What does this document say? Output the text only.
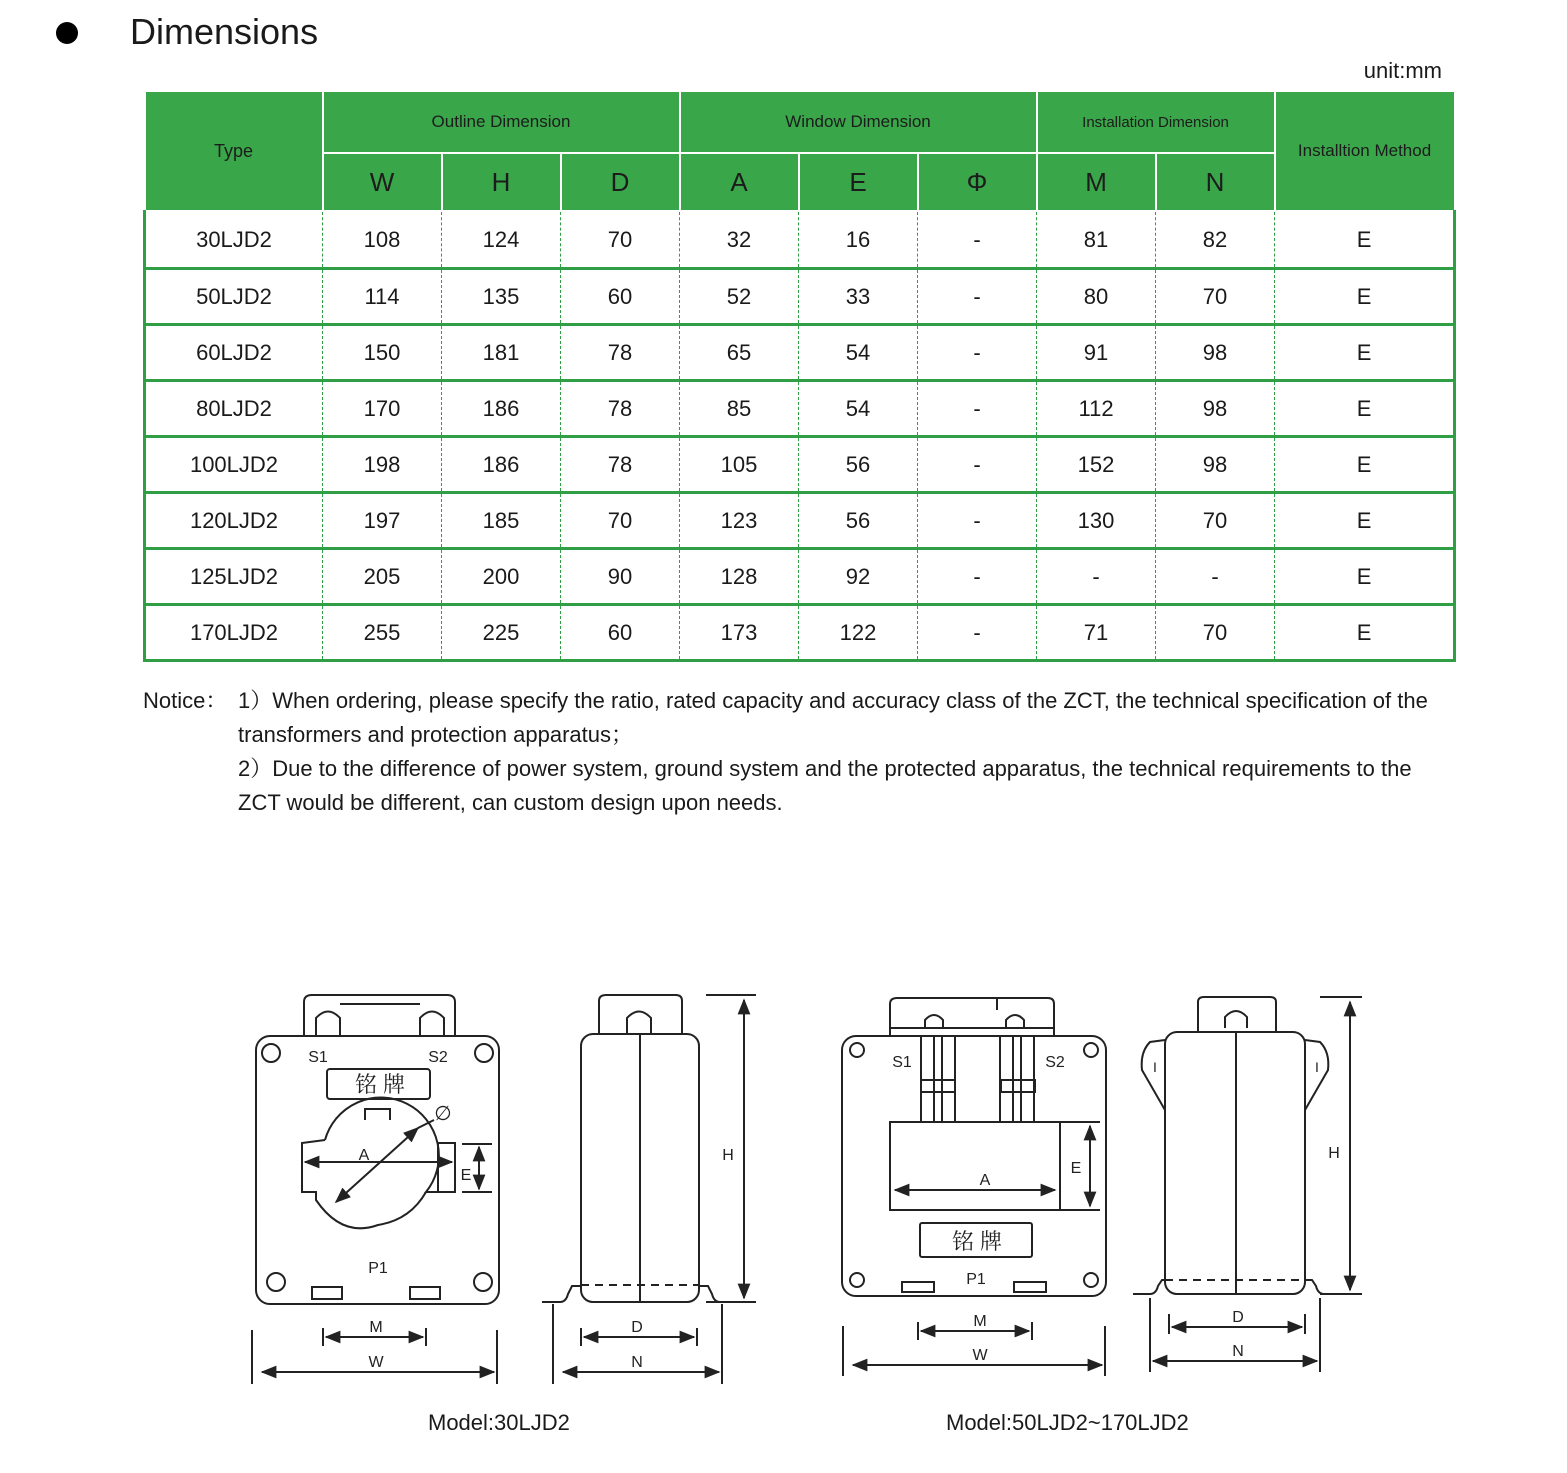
Dimensions
unit:mm
Type	Outline Dimension			Window Dimension			Installation Dimension		Installtion Method
	W	H	D	A	E	Φ	M	N	
30LJD2	108	124	70	32	16	-	81	82	E
50LJD2	114	135	60	52	33	-	80	70	E
60LJD2	150	181	78	65	54	-	91	98	E
80LJD2	170	186	78	85	54	-	112	98	E
100LJD2	198	186	78	105	56	-	152	98	E
120LJD2	197	185	70	123	56	-	130	70	E
125LJD2	205	200	90	128	92	-	-	-	E
170LJD2	255	225	60	173	122	-	71	70	E
Notice： 1）When ordering, please specify the ratio, rated capacity and accuracy class of the ZCT, the technical specification of the transformers and protection apparatus；

2）Due to the difference of power system, ground system and the protected apparatus, the technical requirements to the ZCT would be different, can custom design upon needs.

S1	S2
铭 牌
∅
A
E
P1
M
W
H
D
N
S1	S2
A
E
铭 牌
P1
M
W
I	I
H
D
N
Model:30LJD2	Model:50LJD2~170LJD2
